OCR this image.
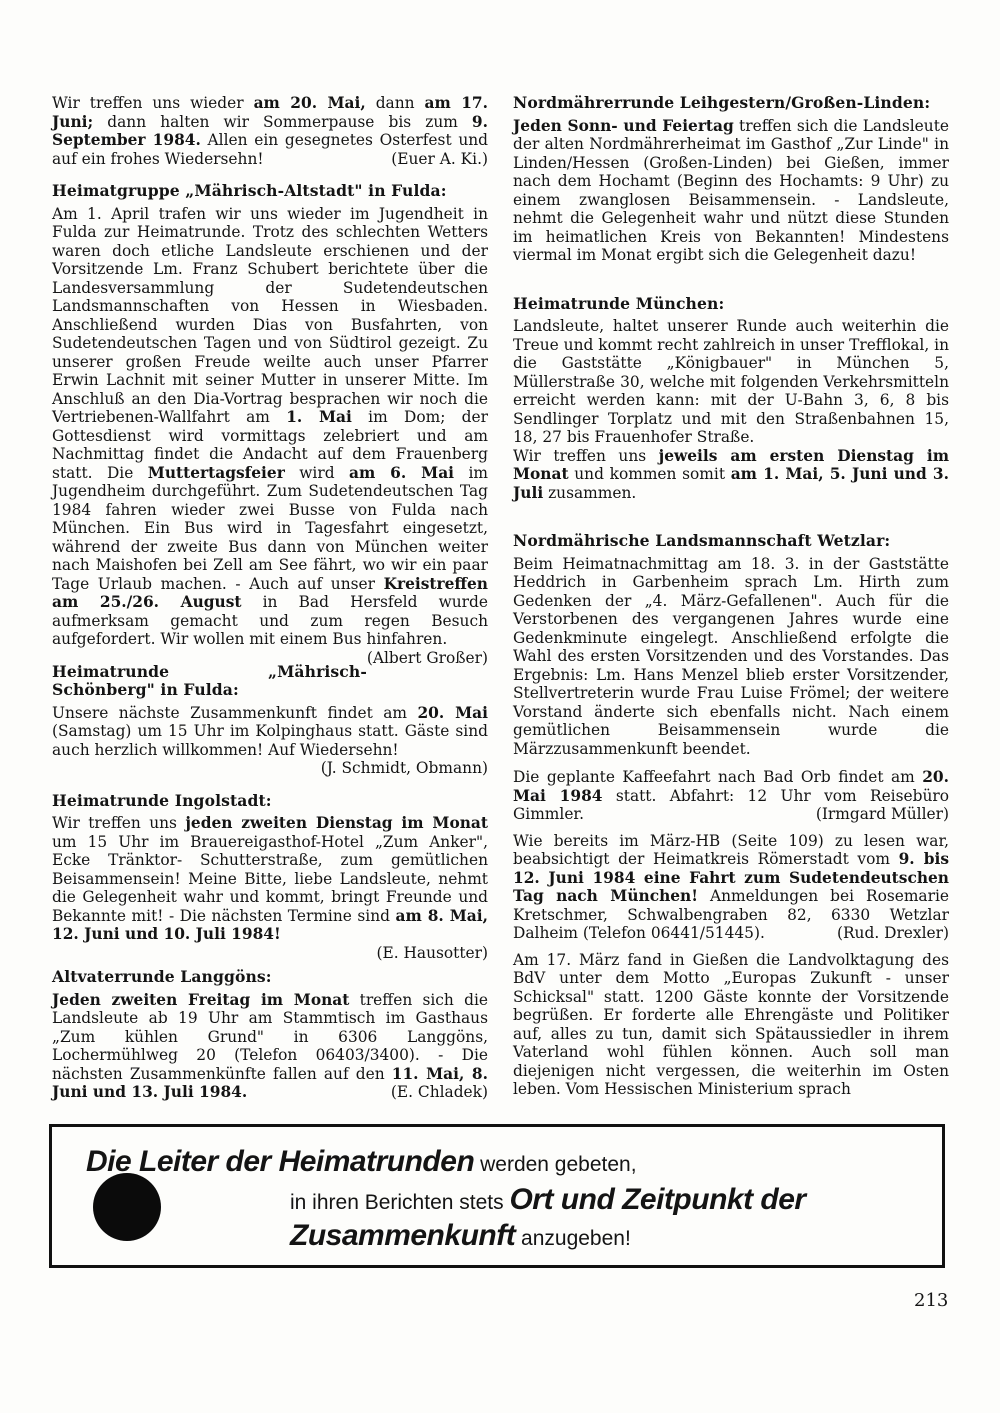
Wir treffen uns wieder am 20. Mai, dann am 17. Juni; dann halten wir Sommerpause bis zum 9. September 1984. Allen ein gesegnetes Osterfest und auf ein frohes Wiedersehn!	(Euer A. Ki.)

Heimatgruppe „Mährisch-Altstadt" in Fulda:

Am 1. April trafen wir uns wieder im Jugendheit in Fulda zur Heimatrunde. Trotz des schlechten Wetters waren doch etliche Landsleute erschienen und der Vorsitzende Lm. Franz Schubert berichtete über die Landesversammlung der Sudetendeutschen Landsmannschaften von Hessen in Wiesbaden. Anschließend wurden Dias von Busfahrten, von Sudetendeutschen Tagen und von Südtirol gezeigt. Zu unserer großen Freude weilte auch unser Pfarrer Erwin Lachnit mit seiner Mutter in unserer Mitte. Im Anschluß an den Dia-Vortrag besprachen wir noch die Vertriebenen-Wallfahrt am 1. Mai im Dom; der Gottesdienst wird vormittags zelebriert und am Nachmittag findet die Andacht auf dem Frauenberg statt. Die Muttertagsfeier wird am 6. Mai im Jugendheim durchgeführt. Zum Sudetendeutschen Tag 1984 fahren wieder zwei Busse von Fulda nach München. Ein Bus wird in Tagesfahrt eingesetzt, während der zweite Bus dann von München weiter nach Maishofen bei Zell am See fährt, wo wir ein paar Tage Urlaub machen. - Auch auf unser Kreistreffen am 25./26. August in Bad Hersfeld wurde aufmerksam gemacht und zum regen Besuch aufgefordert. Wir wollen mit einem Bus hinfahren.
(Albert Großer)

Heimatrunde „Mährisch-Schönberg" in Fulda:

Unsere nächste Zusammenkunft findet am 20. Mai (Samstag) um 15 Uhr im Kolpinghaus statt. Gäste sind auch herzlich willkommen! Auf Wiedersehn!

(J. Schmidt, Obmann)

Heimatrunde Ingolstadt:

Wir treffen uns jeden zweiten Dienstag im Monat um 15 Uhr im Brauereigasthof-Hotel „Zum Anker", Ecke Tränktor- Schutterstraße, zum gemütlichen Beisammensein! Meine Bitte, liebe Landsleute, nehmt die Gelegenheit wahr und kommt, bringt Freunde und Bekannte mit! - Die nächsten Termine sind am 8. Mai, 12. Juni und 10. Juli 1984!

(E. Hausotter)

Altvaterrunde Langgöns:

Jeden zweiten Freitag im Monat treffen sich die Landsleute ab 19 Uhr am Stammtisch im Gasthaus „Zum kühlen Grund" in 6306 Langgöns, Lochermühlweg 20 (Telefon 06403/3400). - Die nächsten Zusammenkünfte fallen auf den 11. Mai, 8. Juni und 13. Juli 1984.	(E. Chladek)

Nordmährerrunde Leihgestern/Großen-Linden:

Jeden Sonn- und Feiertag treffen sich die Landsleute der alten Nordmährerheimat im Gasthof „Zur Linde" in Linden/Hessen (Großen-Linden) bei Gießen, immer nach dem Hochamt (Beginn des Hochamts: 9 Uhr) zu einem zwanglosen Beisammensein. - Landsleute, nehmt die Gelegenheit wahr und nützt diese Stunden im heimatlichen Kreis von Bekannten! Mindestens viermal im Monat ergibt sich die Gelegenheit dazu!

Heimatrunde München:

Landsleute, haltet unserer Runde auch weiterhin die Treue und kommt recht zahlreich in unser Trefflokal, in die Gaststätte „Königbauer" in München 5, Müllerstraße 30, welche mit folgenden Verkehrsmitteln erreicht werden kann: mit der U-Bahn 3, 6, 8 bis Sendlinger Torplatz und mit den Straßenbahnen 15, 18, 27 bis Frauenhofer Straße.

Wir treffen uns jeweils am ersten Dienstag im Monat und kommen somit am 1. Mai, 5. Juni und 3. Juli zusammen.

Nordmährische Landsmannschaft Wetzlar:

Beim Heimatnachmittag am 18. 3. in der Gaststätte Heddrich in Garbenheim sprach Lm. Hirth zum Gedenken der „4. März-Gefallenen". Auch für die Verstorbenen des vergangenen Jahres wurde eine Gedenkminute eingelegt. Anschließend erfolgte die Wahl des ersten Vorsitzenden und des Vorstandes. Das Ergebnis: Lm. Hans Menzel blieb erster Vorsitzender, Stellvertreterin wurde Frau Luise Frömel; der weitere Vorstand änderte sich ebenfalls nicht. Nach einem gemütlichen Beisammensein wurde die Märzzusammenkunft beendet.

Die geplante Kaffeefahrt nach Bad Orb findet am 20. Mai 1984 statt. Abfahrt: 12 Uhr vom Reisebüro Gimmler.	(Irmgard Müller)

Wie bereits im März-HB (Seite 109) zu lesen war, beabsichtigt der Heimatkreis Römerstadt vom 9. bis 12. Juni 1984 eine Fahrt zum Sudetendeutschen Tag nach München! Anmeldungen bei Rosemarie Kretschmer, Schwalbengraben 82, 6330 Wetzlar Dalheim (Telefon 06441/51445).	(Rud. Drexler)

Am 17. März fand in Gießen die Landvolktagung des BdV unter dem Motto „Europas Zukunft - unser Schicksal" statt. 1200 Gäste konnte der Vorsitzende begrüßen. Er forderte alle Ehrengäste und Politiker auf, alles zu tun, damit sich Spätaussiedler in ihrem Vaterland wohl fühlen können. Auch soll man diejenigen nicht vergessen, die weiterhin im Osten leben. Vom Hessischen Ministerium sprach

Die Leiter der Heimatrunden werden gebeten,
in ihren Berichten stets Ort und Zeitpunkt der
Zusammenkunft anzugeben!
213
